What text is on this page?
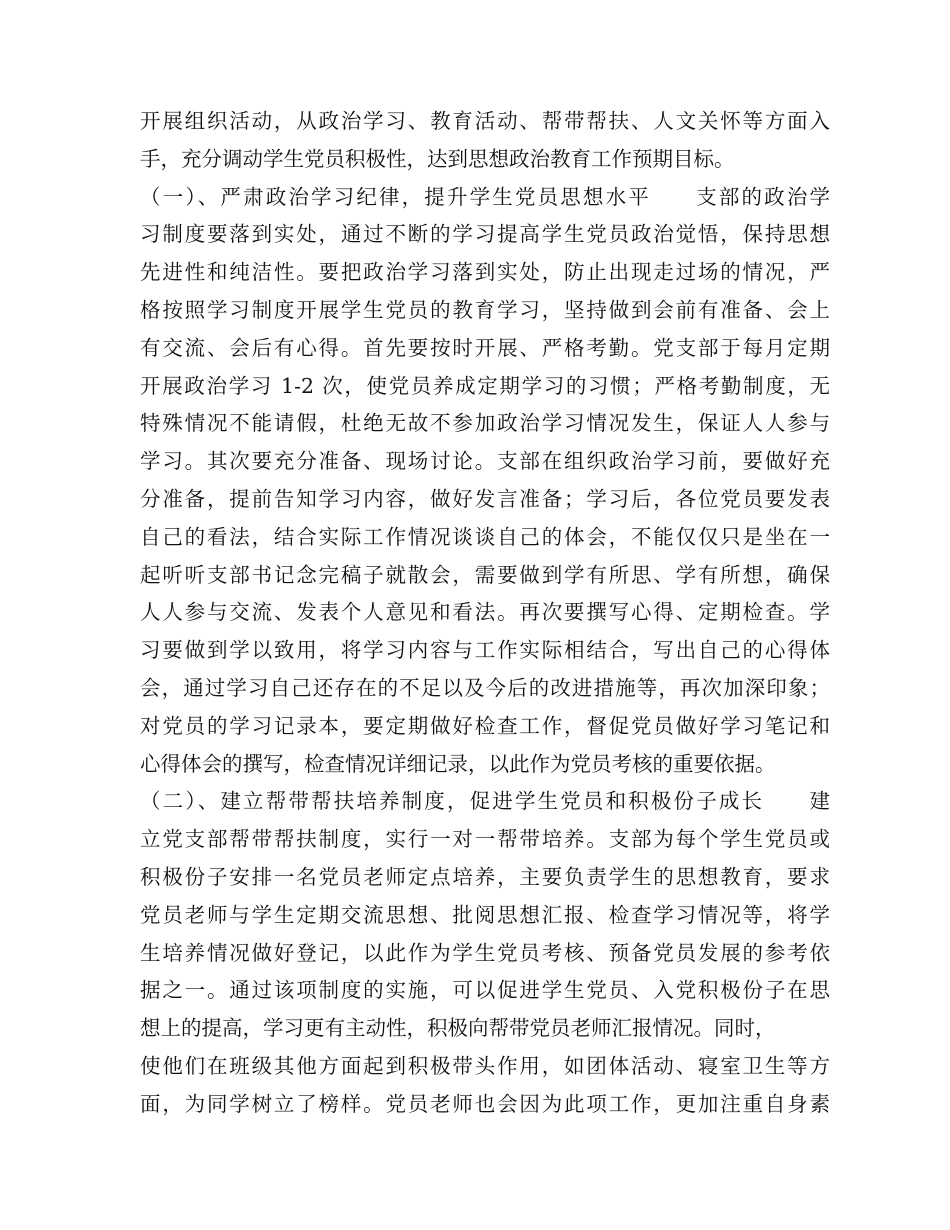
开展组织活动，从政治学习、教育活动、帮带帮扶、人文关怀等方面入
手，充分调动学生党员积极性，达到思想政治教育工作预期目标。
（一）、严肃政治学习纪律，提升学生党员思想水平　　支部的政治学
习制度要落到实处，通过不断的学习提高学生党员政治觉悟，保持思想
先进性和纯洁性。要把政治学习落到实处，防止出现走过场的情况，严
格按照学习制度开展学生党员的教育学习，坚持做到会前有准备、会上
有交流、会后有心得。首先要按时开展、严格考勤。党支部于每月定期
开展政治学习 1-2 次，使党员养成定期学习的习惯；严格考勤制度，无
特殊情况不能请假，杜绝无故不参加政治学习情况发生，保证人人参与
学习。其次要充分准备、现场讨论。支部在组织政治学习前，要做好充
分准备，提前告知学习内容，做好发言准备；学习后，各位党员要发表
自己的看法，结合实际工作情况谈谈自己的体会，不能仅仅只是坐在一
起听听支部书记念完稿子就散会，需要做到学有所思、学有所想，确保
人人参与交流、发表个人意见和看法。再次要撰写心得、定期检查。学
习要做到学以致用，将学习内容与工作实际相结合，写出自己的心得体
会，通过学习自己还存在的不足以及今后的改进措施等，再次加深印象；
对党员的学习记录本，要定期做好检查工作，督促党员做好学习笔记和
心得体会的撰写，检查情况详细记录，以此作为党员考核的重要依据。
（二）、建立帮带帮扶培养制度，促进学生党员和积极份子成长　　建
立党支部帮带帮扶制度，实行一对一帮带培养。支部为每个学生党员或
积极份子安排一名党员老师定点培养，主要负责学生的思想教育，要求
党员老师与学生定期交流思想、批阅思想汇报、检查学习情况等，将学
生培养情况做好登记，以此作为学生党员考核、预备党员发展的参考依
据之一。通过该项制度的实施，可以促进学生党员、入党积极份子在思
想上的提高，学习更有主动性，积极向帮带党员老师汇报情况。同时，
使他们在班级其他方面起到积极带头作用，如团体活动、寝室卫生等方
面，为同学树立了榜样。党员老师也会因为此项工作，更加注重自身素
